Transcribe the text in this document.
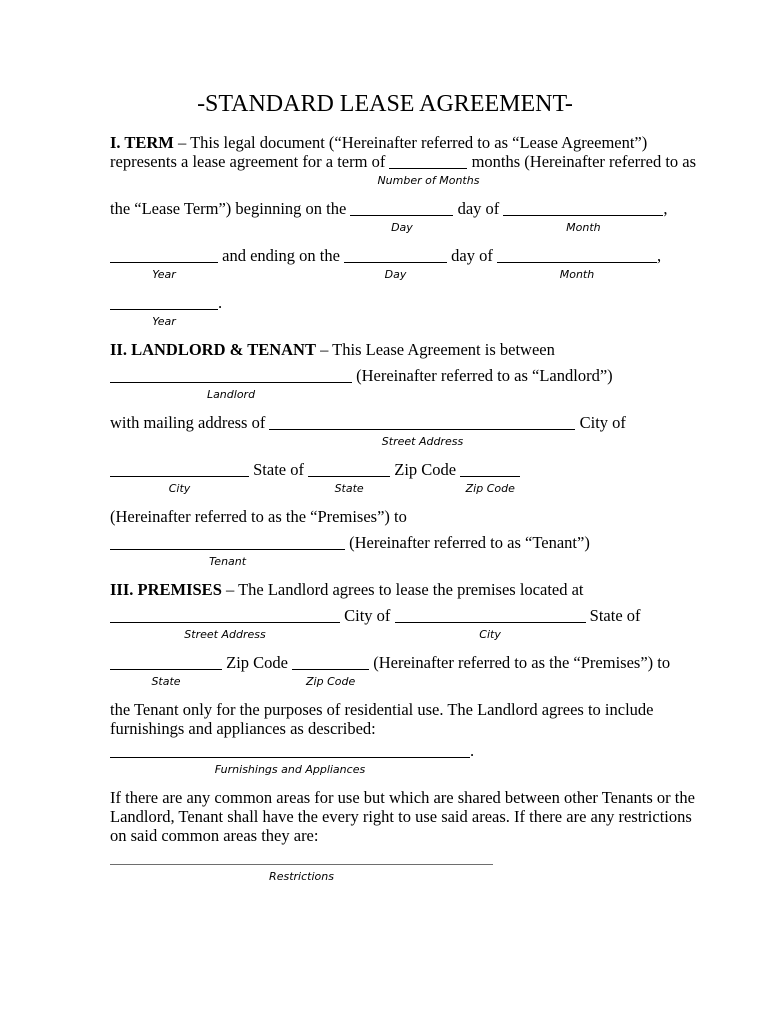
-STANDARD LEASE AGREEMENT-
I. TERM – This legal document (“Hereinafter referred to as “Lease Agreement”)
represents a lease agreement for a term of
Number of Months
months (Hereinafter referred to as
the “Lease Term”) beginning on the
Day
day of
Month
,
Year
and ending on the
Day
day of
Month
,
Year
.
II. LANDLORD & TENANT – This Lease Agreement is between
Landlord
(Hereinafter referred to as “Landlord”)
with mailing address of
Street Address
City of
City
State of
State
Zip Code
Zip Code
(Hereinafter referred to as the “Premises”) to
Tenant
(Hereinafter referred to as “Tenant”)
III. PREMISES – The Landlord agrees to lease the premises located at
Street Address
City of
City
State of
State
Zip Code
Zip Code
(Hereinafter referred to as the “Premises”) to
the Tenant only for the purposes of residential use. The Landlord agrees to include
furnishings and appliances as described:
Furnishings and Appliances
.
If there are any common areas for use but which are shared between other Tenants or the
Landlord, Tenant shall have the every right to use said areas. If there are any restrictions
on said common areas they are:
Restrictions
